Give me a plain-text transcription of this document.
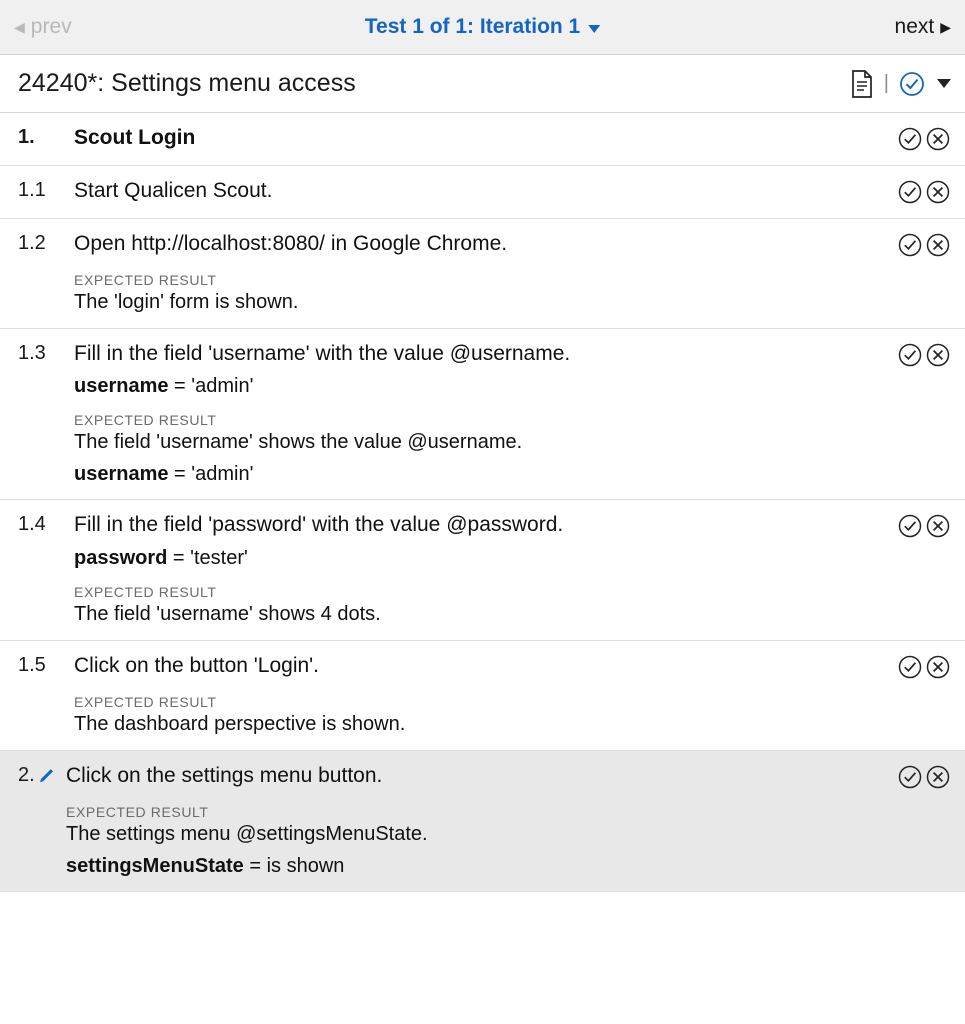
◀ prev	Test 1 of 1: Iteration 1	next ▶
24240*: Settings menu access	|
1.	Scout Login
1.1	Start Qualicen Scout.
1.2	Open http://localhost:8080/ in Google Chrome.
EXPECTED RESULT
The 'login' form is shown.
1.3	Fill in the field 'username' with the value @username.
username = 'admin'
EXPECTED RESULT
The field 'username' shows the value @username.
username = 'admin'
1.4	Fill in the field 'password' with the value @password.
password = 'tester'
EXPECTED RESULT
The field 'username' shows 4 dots.
1.5	Click on the button 'Login'.
EXPECTED RESULT
The dashboard perspective is shown.
2. Click on the settings menu button.
EXPECTED RESULT
The settings menu @settingsMenuState.
settingsMenuState = is shown
